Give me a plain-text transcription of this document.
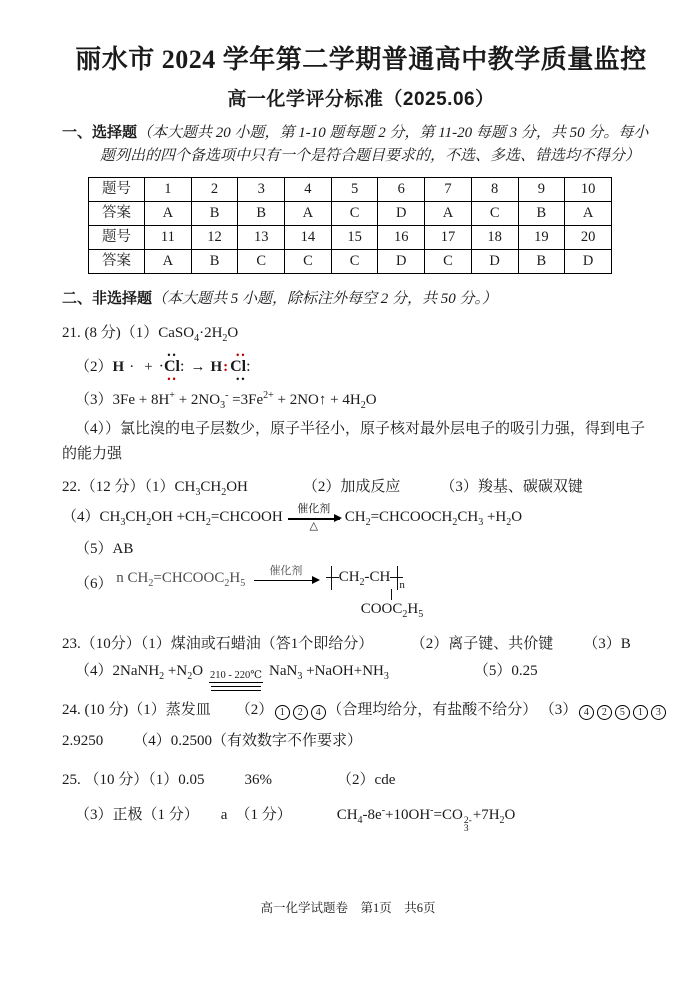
丽水市 2024 学年第二学期普通高中教学质量监控
高一化学评分标准（2025.06）

一、选择题（本大题共 20 小题，第 1-10 题每题 2 分，第 11-20 每题 3 分，共 50 分。每小题列出的四个备选项中只有一个是符合题目要求的，不选、多选、错选均不得分）

题号	1	2	3	4	5	6	7	8	9	10
答案	A	B	B	A	C	D	A	C	B	A
题号	11	12	13	14	15	16	17	18	19	20
答案	A	B	C	C	C	D	C	D	B	D

二、非选择题（本大题共 5 小题，除标注外每空 2 分，共 50 分。）

21. (8 分)$(1)CaSO_4\cdot 2H_2O$
（2） H · +
••
·Cl:
••
→ H :
••
Cl:
••
$(3)3Fe + 8H^+ + 2NO_3^- =3Fe^{2+}$ + 2NO↑ + $4H_2O$
（4））氯比溴的电子层数少，原子半径小，原子核对最外层电子的吸引力强，得到电子
的能力强
22.（12 分）$(1)CH_3CH_2OH$	（2）加成反应	（3）羧基、碳碳双键
$(4)CH_3CH_2OH$ $+CH_2=CHCOOH$ 催化剂
△
$CH_2=CHCOOCH_2CH_3 +H_2O$
（5）AB
（6） n $CH_2=CHCOOC_2H_5$
催化剂
$CH_2-CH$ n
$COOC_2H_5$
23.（10分）（1）煤油或石蜡油（答1个即给分）	（2）离子键、共价键 （3）B
（4）2NaNH$_2$ $+N_2O$ 210 - 220℃ $NaN_3 +NaOH+NH_3$	（5）0.25
24. (10 分)（1）蒸发皿 （2） 1 2 4 （合理均给分，有盐酸不给分） （3） 4 2 5 1 3
2.9250 （4）0.2500（有效数字不作要求）
25. （10 分）（1）0.05	36%	（2）cde
（3）正极（1 分） a （1 分）	$CH_4-8e^-+10OH^-=CO$ 2-
3
$+7H_2O$
高一化学试题卷　第1页　共6页
